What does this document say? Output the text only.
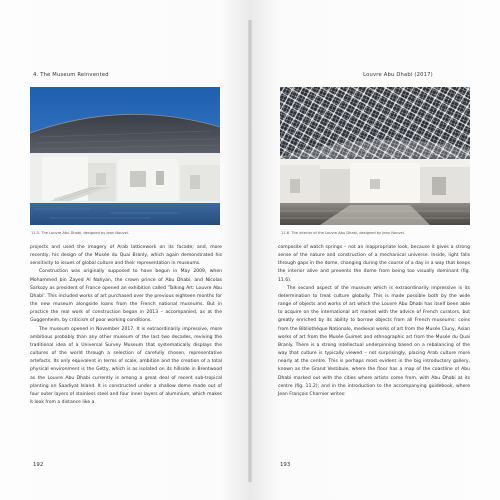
4. The Museum Reinvented
11.5. The Louvre Abu Dhabi, designed by Jean Nouvel.

projects and used the imagery of Arab latticework on its facade; and, more recently, his design of the Musée du Quai Branly, which again demonstrated his sensitivity to issues of global culture and their representation in museums.

Construction was originally supposed to have begun in May 2009, when Mohammed bin Zayed Al Nahyan, the crown prince of Abu Dhabi, and Nicolas Sarkozy as president of France opened an exhibition called 'Talking Art: Louvre Abu Dhabi'. This included works of art purchased over the previous eighteen months for the new museum alongside loans from the French national museums. But in practice the real work of construction began in 2013 – accompanied, as at the Guggenheim, by criticism of poor working conditions.

The museum opened in November 2017. It is extraordinarily impressive, more ambitious probably than any other museum of the last two decades, reviving the traditional idea of a Universal Survey Museum that systematically displays the cultures of the world through a selection of carefully chosen, representative artefacts. Its only equivalent in terms of scale, ambition and the creation of a total physical environment is the Getty, which is as isolated on its hillside in Brentwood as the Louvre Abu Dhabi currently is among a great deal of recent sub-tropical planting on Saadiyat Island. It is constructed under a shallow dome made out of four outer layers of stainless steel and four inner layers of aluminium, which makes it look from a distance like a

192
Louvre Abu Dhabi (2017)
11.6. The interior of the Louvre Abu Dhabi, designed by Jean Nouvel.

composite of watch springs – not an inappropriate look, because it gives a strong sense of the nature and construction of a mechanical universe. Inside, light falls through gaps in the dome, changing during the course of a day in a way that keeps the interior alive and prevents the dome from being too visually dominant (fig. 11.6).

The second aspect of the museum which is extraordinarily impressive is its determination to treat culture globally. This is made possible both by the wide range of objects and works of art which the Louvre Abu Dhabi has itself been able to acquire on the international art market with the advice of French curators, but greatly enriched by its ability to borrow objects from all French museums: coins from the Bibliothèque Nationale, medieval works of art from the Musée Cluny, Asian works of art from the Musée Guimet and ethnographic art from the Musée du Quai Branly. There is a strong intellectual underpinning based on a rebalancing of the way that culture is typically viewed – not surprisingly, placing Arab culture more nearly at the centre. This is perhaps most evident in the big introductory gallery, known as the Grand Vestibule, where the floor has a map of the coastline of Abu Dhabi marked out with the cities where artists come from, with Abu Dhabi at its centre (fig. 11.2); and in the introduction to the accompanying guidebook, where Jean François Charnier writes:

193
